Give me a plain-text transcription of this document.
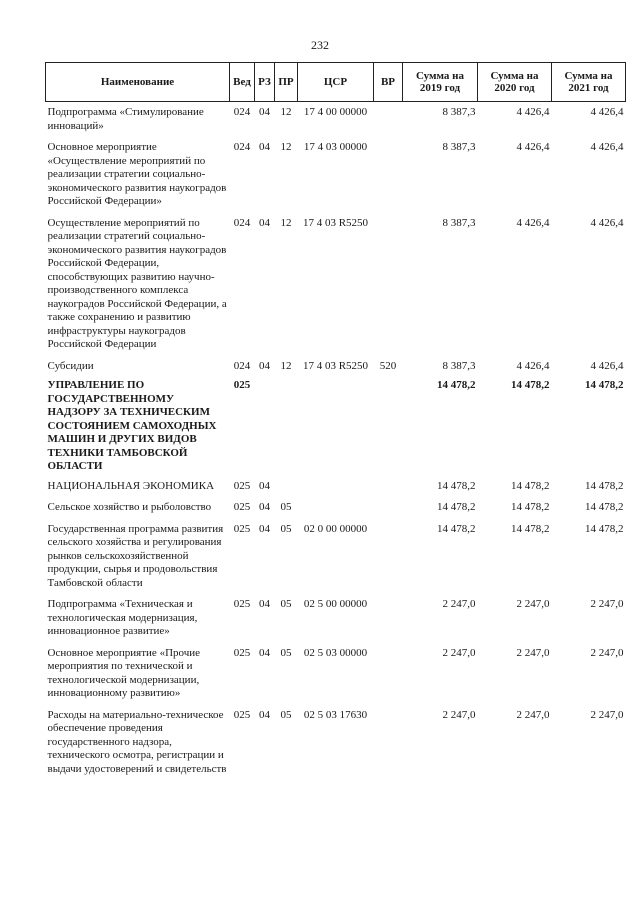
232
Наименование	Вед	РЗ	ПР	ЦСР	ВР	Сумма на 2019 год	Сумма на 2020 год	Сумма на 2021 год
Подпрограмма «Стимулирование инноваций»	024	04	12	17 4 00 00000		8 387,3	4 426,4	4 426,4
Основное мероприятие «Осуществление мероприятий по реализации стратегии социально-экономического развития наукоградов Российской Федерации»	024	04	12	17 4 03 00000		8 387,3	4 426,4	4 426,4
Осуществление мероприятий по реализации стратегий социально-экономического развития наукоградов Российской Федерации, способствующих развитию научно-производственного комплекса наукоградов Российской Федерации, а также сохранению и развитию инфраструктуры наукоградов Российской Федерации	024	04	12	17 4 03 R5250		8 387,3	4 426,4	4 426,4
Субсидии	024	04	12	17 4 03 R5250	520	8 387,3	4 426,4	4 426,4
УПРАВЛЕНИЕ ПО ГОСУДАРСТВЕННОМУ НАДЗОРУ ЗА ТЕХНИЧЕСКИМ СОСТОЯНИЕМ САМОХОДНЫХ МАШИН И ДРУГИХ ВИДОВ ТЕХНИКИ ТАМБОВСКОЙ ОБЛАСТИ	025					14 478,2	14 478,2	14 478,2
НАЦИОНАЛЬНАЯ ЭКОНОМИКА	025	04				14 478,2	14 478,2	14 478,2
Сельское хозяйство и рыболовство	025	04	05			14 478,2	14 478,2	14 478,2
Государственная программа развития сельского хозяйства и регулирования рынков сельскохозяйственной продукции, сырья и продовольствия Тамбовской области	025	04	05	02 0 00 00000		14 478,2	14 478,2	14 478,2
Подпрограмма «Техническая и технологическая модернизация, инновационное развитие»	025	04	05	02 5 00 00000		2 247,0	2 247,0	2 247,0
Основное мероприятие «Прочие мероприятия по технической и технологической модернизации, инновационному развитию»	025	04	05	02 5 03 00000		2 247,0	2 247,0	2 247,0
Расходы на материально-техническое обеспечение проведения государственного надзора, технического осмотра, регистрации и выдачи удостоверений и свидетельств	025	04	05	02 5 03 17630		2 247,0	2 247,0	2 247,0
